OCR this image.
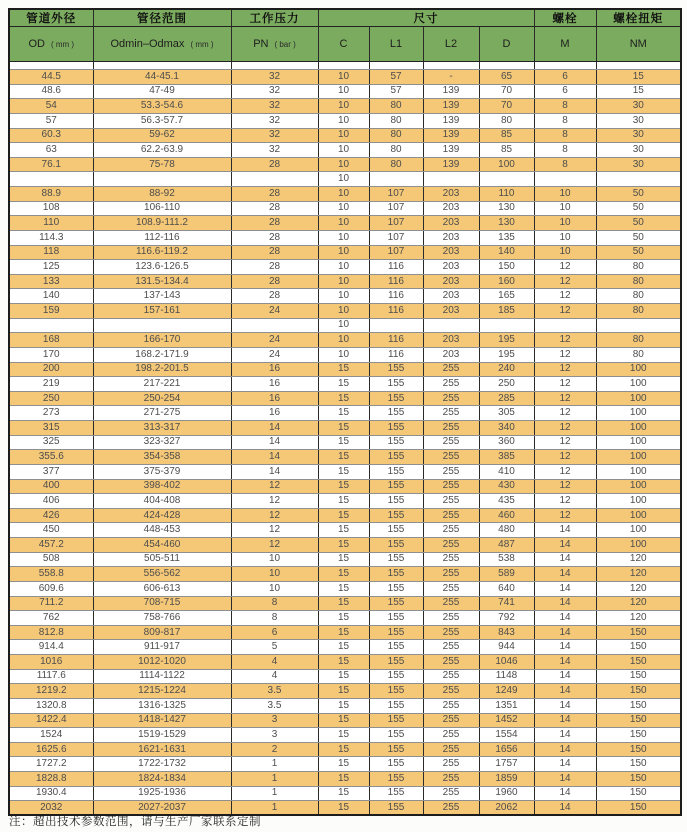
管道外径	管径范围	工作压力	尺寸				螺栓	螺栓扭矩
OD ( mm )	Odmin–Odmax ( mm )	PN ( bar )	C	L1	L2	D	M	NM

44.5	44-45.1	32	10	57	-	65	6	15
48.6	47-49	32	10	57	139	70	6	15
54	53.3-54.6	32	10	80	139	70	8	30
57	56.3-57.7	32	10	80	139	80	8	30
60.3	59-62	32	10	80	139	85	8	30
63	62.2-63.9	32	10	80	139	85	8	30
76.1	75-78	28	10	80	139	100	8	30
			10					
88.9	88-92	28	10	107	203	110	10	50
108	106-110	28	10	107	203	130	10	50
110	108.9-111.2	28	10	107	203	130	10	50
114.3	112-116	28	10	107	203	135	10	50
118	116.6-119.2	28	10	107	203	140	10	50
125	123.6-126.5	28	10	116	203	150	12	80
133	131.5-134.4	28	10	116	203	160	12	80
140	137-143	28	10	116	203	165	12	80
159	157-161	24	10	116	203	185	12	80
			10					
168	166-170	24	10	116	203	195	12	80
170	168.2-171.9	24	10	116	203	195	12	80
200	198.2-201.5	16	15	155	255	240	12	100
219	217-221	16	15	155	255	250	12	100
250	250-254	16	15	155	255	285	12	100
273	271-275	16	15	155	255	305	12	100
315	313-317	14	15	155	255	340	12	100
325	323-327	14	15	155	255	360	12	100
355.6	354-358	14	15	155	255	385	12	100
377	375-379	14	15	155	255	410	12	100
400	398-402	12	15	155	255	430	12	100
406	404-408	12	15	155	255	435	12	100
426	424-428	12	15	155	255	460	12	100
450	448-453	12	15	155	255	480	14	100
457.2	454-460	12	15	155	255	487	14	100
508	505-511	10	15	155	255	538	14	120
558.8	556-562	10	15	155	255	589	14	120
609.6	606-613	10	15	155	255	640	14	120
711.2	708-715	8	15	155	255	741	14	120
762	758-766	8	15	155	255	792	14	120
812.8	809-817	6	15	155	255	843	14	150
914.4	911-917	5	15	155	255	944	14	150
1016	1012-1020	4	15	155	255	1046	14	150
1117.6	1114-1122	4	15	155	255	1148	14	150
1219.2	1215-1224	3.5	15	155	255	1249	14	150
1320.8	1316-1325	3.5	15	155	255	1351	14	150
1422.4	1418-1427	3	15	155	255	1452	14	150
1524	1519-1529	3	15	155	255	1554	14	150
1625.6	1621-1631	2	15	155	255	1656	14	150
1727.2	1722-1732	1	15	155	255	1757	14	150
1828.8	1824-1834	1	15	155	255	1859	14	150
1930.4	1925-1936	1	15	155	255	1960	14	150
2032	2027-2037	1	15	155	255	2062	14	150
注：超出技术参数范围，请与生产厂家联系定制
